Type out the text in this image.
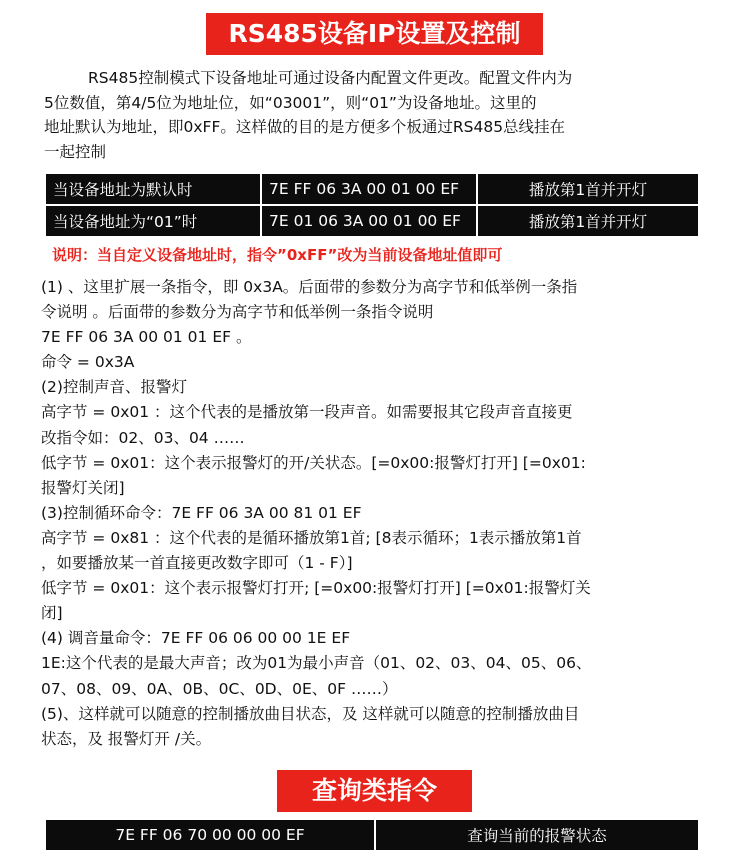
RS485设备IP设置及控制

RS485控制模式下设备地址可通过设备内配置文件更改。配置文件内为

5位数值，第4/5位为地址位，如“03001”，则“01”为设备地址。这里的

地址默认为地址，即0xFF。这样做的目的是方便多个板通过RS485总线挂在

一起控制

当设备地址为默认时	7E FF 06 3A 00 01 00 EF	播放第1首并开灯
当设备地址为“01”时	7E 01 06 3A 00 01 00 EF	播放第1首并开灯
说明：当自定义设备地址时，指令”0xFF”改为当前设备地址值即可

(1) 、这里扩展一条指令，即 0x3A。后面带的参数分为高字节和低举例一条指

令说明 。后面带的参数分为高字节和低举例一条指令说明

7E FF 06 3A 00 01 01 EF 。

命令 = 0x3A

(2)控制声音、报警灯

高字节 = 0x01 ：这个代表的是播放第一段声音。如需要报其它段声音直接更

改指令如：02、03、04 ……

低字节 = 0x01：这个表示报警灯的开/关状态。[=0x00:报警灯打开] [=0x01:

报警灯关闭]

(3)控制循环命令：7E FF 06 3A 00 81 01 EF

高字节 = 0x81 ：这个代表的是循环播放第1首; [8表示循环；1表示播放第1首

，如要播放某一首直接更改数字即可（1 - F）]

低字节 = 0x01：这个表示报警灯打开; [=0x00:报警灯打开] [=0x01:报警灯关

闭]

(4) 调音量命令：7E FF 06 06 00 00 1E EF

1E:这个代表的是最大声音；改为01为最小声音（01、02、03、04、05、06、

07、08、09、0A、0B、0C、0D、0E、0F ……）

(5)、这样就可以随意的控制播放曲目状态，及 这样就可以随意的控制播放曲目

状态，及 报警灯开 /关。

查询类指令
7E FF 06 70 00 00 00 EF	查询当前的报警状态
